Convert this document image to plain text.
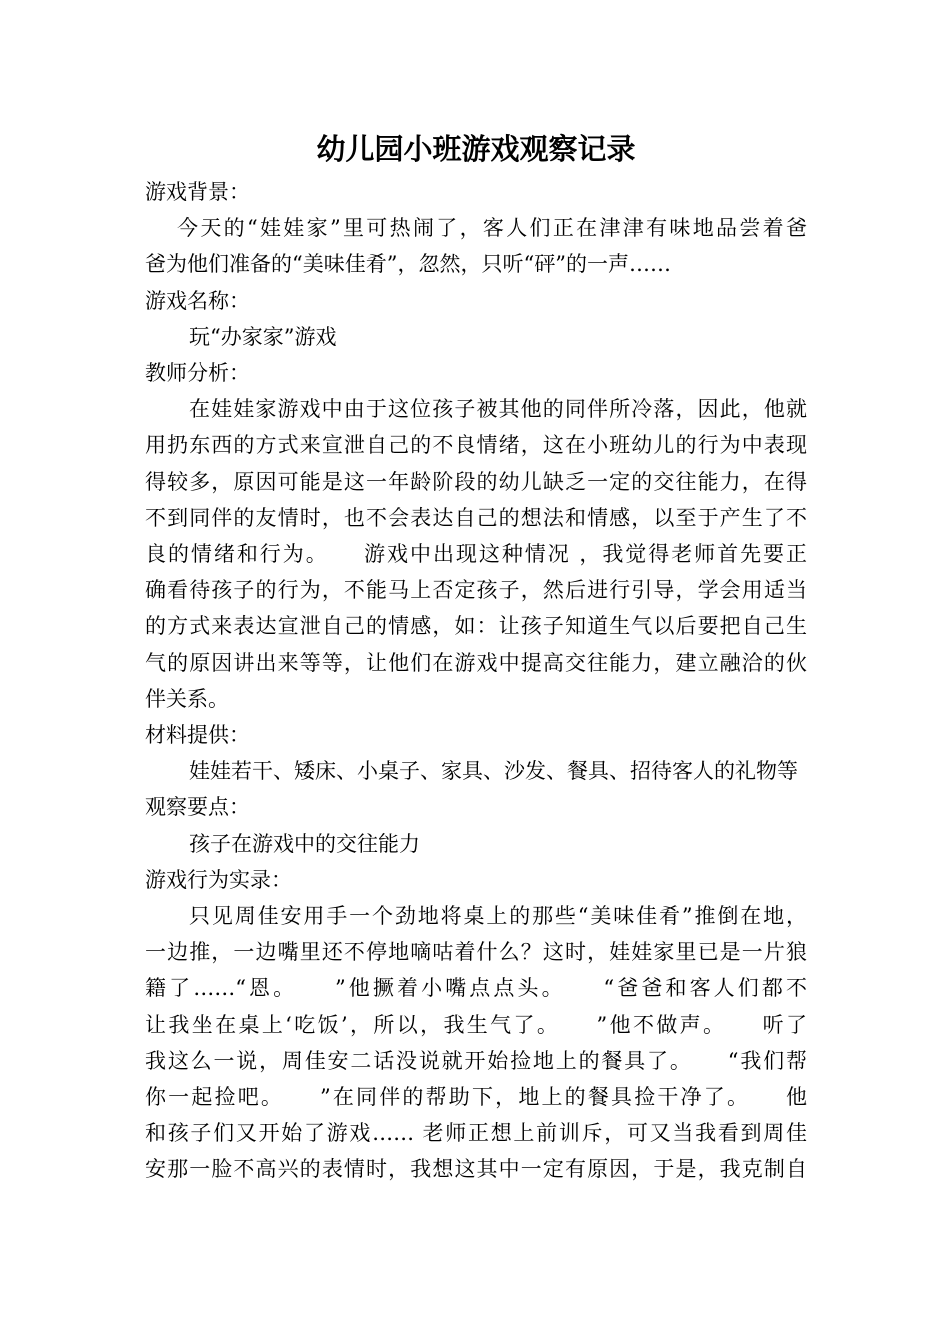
幼儿园小班游戏观察记录

游戏背景：

今天的“娃娃家”里可热闹了，客人们正在津津有味地品尝着爸
爸为他们准备的“美味佳肴”，忽然，只听“砰”的一声……

游戏名称：

玩“办家家”游戏

教师分析：

在娃娃家游戏中由于这位孩子被其他的同伴所冷落，因此，他就
用扔东西的方式来宣泄自己的不良情绪，这在小班幼儿的行为中表现
得较多，原因可能是这一年龄阶段的幼儿缺乏一定的交往能力，在得
不到同伴的友情时，也不会表达自己的想法和情感，以至于产生了不
良的情绪和行为。　　游戏中出现这种情况 ，我觉得老师首先要正
确看待孩子的行为，不能马上否定孩子，然后进行引导，学会用适当
的方式来表达宣泄自己的情感，如：让孩子知道生气以后要把自己生
气的原因讲出来等等，让他们在游戏中提高交往能力，建立融洽的伙
伴关系。

材料提供：

娃娃若干、矮床、小桌子、家具、沙发、餐具、招待客人的礼物等

观察要点：

孩子在游戏中的交往能力

游戏行为实录：

只见周佳安用手一个劲地将桌上的那些“美味佳肴”推倒在地，
一边推，一边嘴里还不停地嘀咕着什么？这时，娃娃家里已是一片狼
籍了……“恩。　　”他撅着小嘴点点头。　　“爸爸和客人们都不
让我坐在桌上‘吃饭’，所以，我生气了。　　”他不做声。　　听了
我这么一说，周佳安二话没说就开始捡地上的餐具了。　　“我们帮
你一起捡吧。　　”在同伴的帮助下，地上的餐具捡干净了。　　他
和孩子们又开始了游戏…… 老师正想上前训斥，可又当我看到周佳
安那一脸不高兴的表情时，我想这其中一定有原因，于是，我克制自
